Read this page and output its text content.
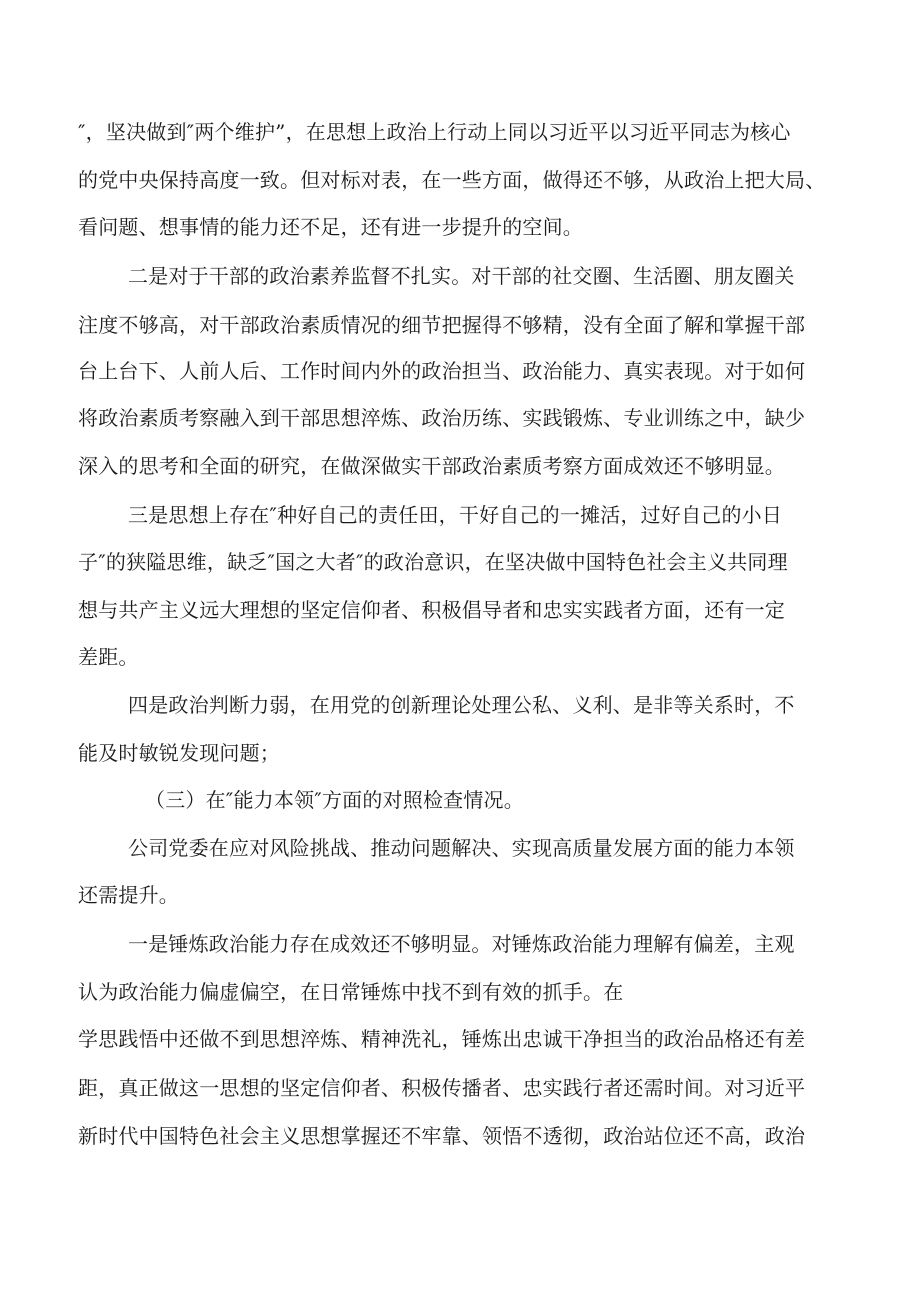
″，坚决做到″两个维护”，在思想上政治上行动上同以习近平以习近平同志为核心
的党中央保持高度一致。但对标对表，在一些方面，做得还不够，从政治上把大局、
看问题、想事情的能力还不足，还有进一步提升的空间。
二是对于干部的政治素养监督不扎实。对干部的社交圈、生活圈、朋友圈关
注度不够高，对干部政治素质情况的细节把握得不够精，没有全面了解和掌握干部
台上台下、人前人后、工作时间内外的政治担当、政治能力、真实表现。对于如何
将政治素质考察融入到干部思想淬炼、政治历练、实践锻炼、专业训练之中，缺少
深入的思考和全面的研究，在做深做实干部政治素质考察方面成效还不够明显。
三是思想上存在″种好自己的责任田，干好自己的一摊活，过好自己的小日
子″的狭隘思维，缺乏″国之大者″的政治意识，在坚决做中国特色社会主义共同理
想与共产主义远大理想的坚定信仰者、积极倡导者和忠实实践者方面，还有一定
差距。
四是政治判断力弱，在用党的创新理论处理公私、义利、是非等关系时，不
能及时敏锐发现问题；
（三）在″能力本领″方面的对照检查情况。
公司党委在应对风险挑战、推动问题解决、实现高质量发展方面的能力本领
还需提升。
一是锤炼政治能力存在成效还不够明显。对锤炼政治能力理解有偏差，主观
认为政治能力偏虚偏空，在日常锤炼中找不到有效的抓手。在
学思践悟中还做不到思想淬炼、精神洗礼，锤炼出忠诚干净担当的政治品格还有差
距，真正做这一思想的坚定信仰者、积极传播者、忠实践行者还需时间。对习近平
新时代中国特色社会主义思想掌握还不牢靠、领悟不透彻，政治站位还不高，政治
